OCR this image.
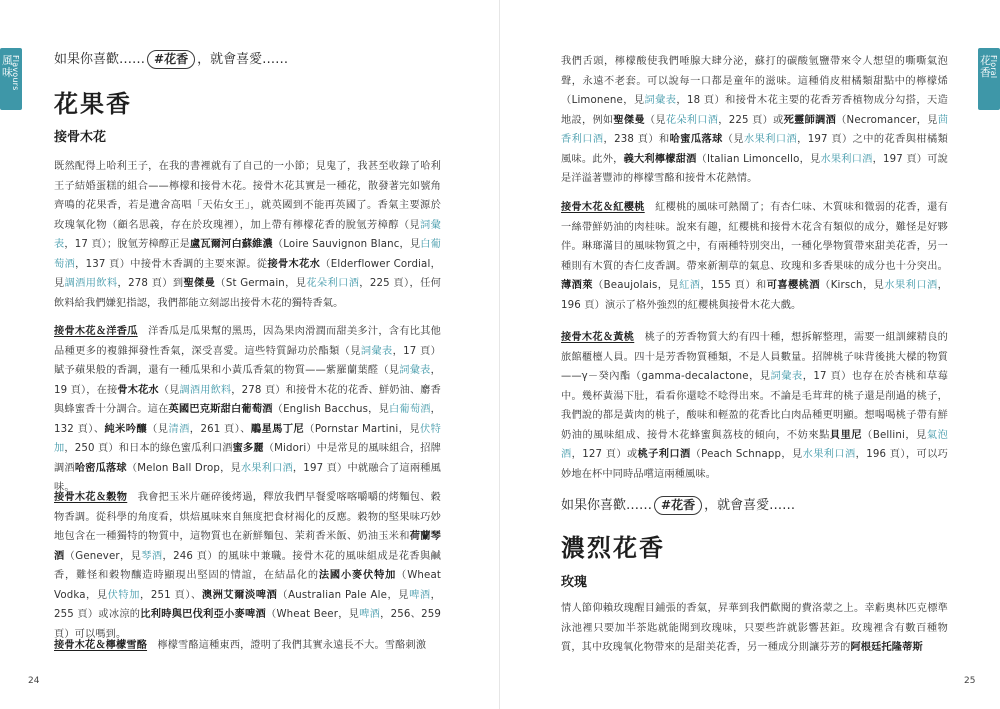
風味
Flavours	如果你喜歡…… #花香 ，就會喜愛……
花果香
接骨木花
既然配得上哈利王子，在我的書裡就有了自己的一小節；見鬼了，我甚至收錄了哈利王子結婚蛋糕的組合——檸檬和接骨木花。接骨木花其實是一種花，散發著完如號角齊鳴的花果香，若是遺舍高唱「天佑女王」，就英國到不能再英國了。香氣主要源於玫瑰氧化物（顧名思義，存在於玫瑰裡），加上帶有檸檬花香的脫氫芳樟醇（見詞彙表，17 頁）；脫氫芳樟醇正是盧瓦爾河白蘇維濃（Loire Sauvignon Blanc，見白葡萄酒，137 頁）中接骨木香調的主要來源。從接骨木花水（Elderflower Cordial，見調酒用飲料，278 頁）到聖傑曼（St Germain，見花朵利口酒，225 頁），任何飲料給我們嫌犯指認，我們都能立刻認出接骨木花的獨特香氣。
接骨木花＆洋香瓜　洋香瓜是瓜果幫的黑馬，因為果肉滑潤而甜美多汁，含有比其他品種更多的複雜揮發性香氣，深受喜愛。這些特質歸功於酯類（見詞彙表，17 頁）賦予蘋果般的香調，還有一種瓜果和小黃瓜香氣的物質——紫羅蘭葉醛（見詞彙表，19 頁），在接骨木花水（見調酒用飲料，278 頁）和接骨木花的花香、鮮奶油、麝香與蜂蜜香十分調合。這在英國巴克斯甜白葡萄酒（English Bacchus，見白葡萄酒，132 頁）、純米吟釀（見清酒，261 頁）、鵰星馬丁尼（Pornstar Martini，見伏特加，250 頁）和日本的綠色蜜瓜利口酒蜜多麗（Midori）中是常見的風味組合，招牌調酒哈密瓜落球（Melon Ball Drop，見水果利口酒，197 頁）中就融合了這兩種風味。
接骨木花＆穀物　我會把玉米片砸碎後烤過，釋放我們早餐愛喀喀嚼嚼的烤麵包、穀物香調。從科學的角度看，烘焙風味來自無度把食材褐化的反應。穀物的堅果味巧妙地包含在一種獨特的物質中，這物質也在新鮮麵包、茉莉香米飯、奶油玉米和荷蘭琴酒（Genever，見琴酒，246 頁）的風味中兼職。接骨木花的風味組成是花香與鹹香，難怪和穀物釀造時顯現出堅固的情誼，在結晶化的法國小麥伏特加（Wheat Vodka，見伏特加，251 頁）、澳洲艾爾淡啤酒（Australian Pale Ale，見啤酒，255 頁）或冰涼的比利時與巴伐利亞小麥啤酒（Wheat Beer，見啤酒，256、259 頁）可以嗎到。
接骨木花＆檸檬雪酪　檸檬雪酪這種東西，證明了我們其實永遠長不大。雪酪刺激
24
花香
Floral
我們舌頭，檸檬酸使我們唾腺大肆分泌，蘇打的碳酸氫鹽帶來令人想望的嘶嘶氣泡聲，永遠不老套。可以說每一口都是童年的滋味。這種俏皮柑橘類甜點中的檸檬烯（Limonene，見詞彙表，18 頁）和接骨木花主要的花香芳香植物成分勾搭，天造地設，例如聖傑曼（見花朵利口酒，225 頁）或死靈師調酒（Necromancer，見茴香利口酒，238 頁）和哈蜜瓜落球（見水果利口酒，197 頁）之中的花香與柑橘類風味。此外，義大利檸檬甜酒（Italian Limoncello，見水果利口酒，197 頁）可說是洋溢著豐沛的檸檬雪酪和接骨木花熱情。
接骨木花＆紅櫻桃　紅櫻桃的風味可熱鬧了；有杏仁味、木質味和微弱的花香，還有一絲帶鮮奶油的肉桂味。說來有趣，紅櫻桃和接骨木花含有類似的成分，難怪是好夥伴。琳瑯滿目的風味物質之中，有兩種特別突出，一種化學物質帶來甜美花香，另一種則有木質的杏仁皮香調。帶來新割草的氣息、玫瑰和多香果味的成分也十分突出。薄酒萊（Beaujolais，見紅酒，155 頁）和可喜櫻桃酒（Kirsch，見水果利口酒，196 頁）演示了格外強烈的紅櫻桃與接骨木花大戲。
接骨木花＆黃桃　桃子的芳香物質大約有四十種，想拆解整理，需要一組訓練精良的旅館櫃檯人員。四十是芳香物質種類，不是人員數量。招牌桃子味背後挑大樑的物質——γ－癸內酯（gamma-decalactone，見詞彙表，17 頁）也存在於杏桃和草莓中。幾杯黃湯下肚，看看你還唸不唸得出來。不論是毛茸茸的桃子還是削過的桃子，我們說的都是黃肉的桃子，酸味和輕盈的花香比白肉品種更明顯。想喝喝桃子帶有鮮奶油的風味組成、接骨木花蜂蜜與荔枝的傾向，不妨來點貝里尼（Bellini，見氣泡酒，127 頁）或桃子利口酒（Peach Schnapp，見水果利口酒，196 頁），可以巧妙地在杯中同時品嚐這兩種風味。
如果你喜歡…… #花香 ，就會喜愛……
濃烈花香
玫瑰
情人節仰賴玫瑰醒目鋪張的香氣，昇華到我們歡閱的費洛蒙之上。幸虧奧林匹克標準泳池裡只要加半茶匙就能聞到玫瑰味，只要些許就影響甚鉅。玫瑰裡含有數百種物質，其中玫瑰氧化物帶來的是甜美花香，另一種成分則讓芬芳的阿根廷托隆蒂斯
25
